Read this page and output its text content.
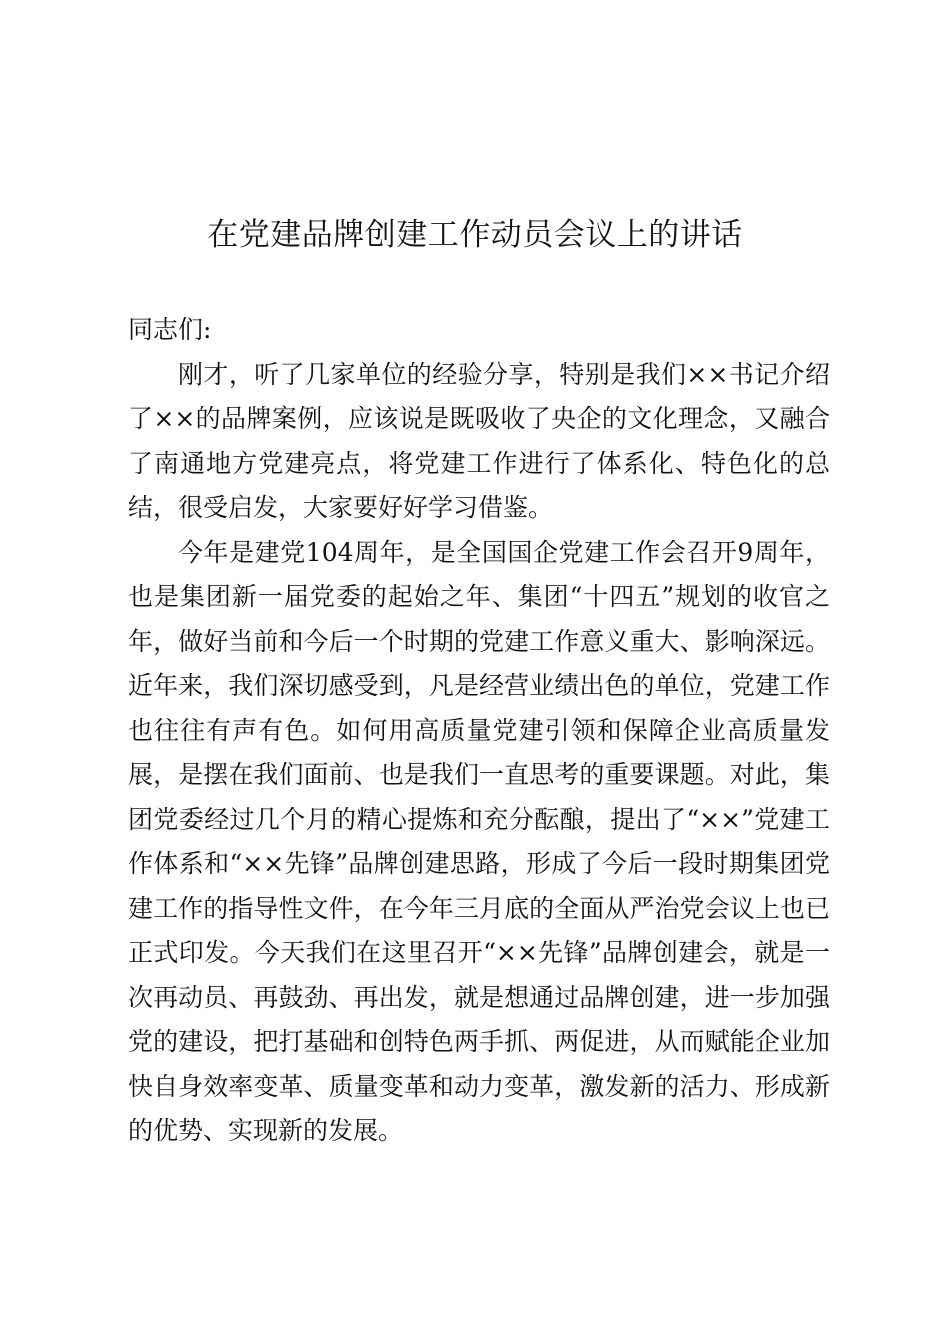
在党建品牌创建工作动员会议上的讲话

同志们:

刚才，听了几家单位的经验分享，特别是我们××书记介绍了××的品牌案例，应该说是既吸收了央企的文化理念，又融合了南通地方党建亮点，将党建工作进行了体系化、特色化的总结，很受启发，大家要好好学习借鉴。

今年是建党104周年，是全国国企党建工作会召开9周年，也是集团新一届党委的起始之年、集团“十四五”规划的收官之年，做好当前和今后一个时期的党建工作意义重大、影响深远。近年来，我们深切感受到，凡是经营业绩出色的单位，党建工作也往往有声有色。如何用高质量党建引领和保障企业高质量发展，是摆在我们面前、也是我们一直思考的重要课题。对此，集团党委经过几个月的精心提炼和充分酝酿，提出了“××”党建工作体系和“××先锋”品牌创建思路，形成了今后一段时期集团党建工作的指导性文件，在今年三月底的全面从严治党会议上也已正式印发。今天我们在这里召开“××先锋”品牌创建会，就是一次再动员、再鼓劲、再出发，就是想通过品牌创建，进一步加强党的建设，把打基础和创特色两手抓、两促进，从而赋能企业加快自身效率变革、质量变革和动力变革，激发新的活力、形成新的优势、实现新的发展。
